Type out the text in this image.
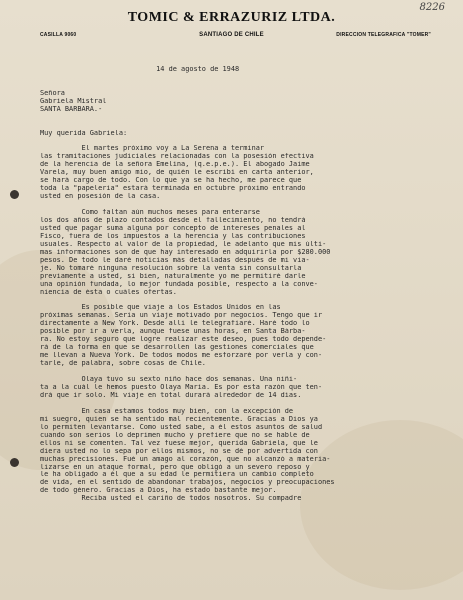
8226
TOMIC & ERRAZURIZ LTDA.
CASILLA 9060	SANTIAGO DE CHILE	DIRECCION TELEGRAFICA "TOMER"
14 de agosto de 1948
Señora
Gabriela Mistral
SANTA BARBARA.-
Muy querida Gabriela:
El martes próximo voy a La Serena a terminar
las tramitaciones judiciales relacionadas con la posesión efectiva
de la herencia de la señora Emelina, (q.e.p.e.). El abogado Jaime
Varela, muy buen amigo mio, de quién le escribí en carta anterior,
se hará cargo de todo. Con lo que ya se ha hecho, me parece que
toda la "papelería" estará terminada en octubre próximo entrando
usted en posesión de la casa.
Como faltan aún muchos meses para enterarse
los dos años de plazo contados desde el fallecimiento, no tendrá
usted que pagar suma alguna por concepto de intereses penales al
Fisco, fuera de los impuestos a la herencia y las contribuciones
usuales. Respecto al valor de la propiedad, le adelanto que mis últi-
mas informaciones son de que hay interesado en adquirirla por $280.000
pesos. De todo le daré noticias más detalladas después de mi via-
je. No tomaré ninguna resolución sobre la venta sin consultarla
previamente a usted, si bien, naturalmente yo me permitiré darle
una opinión fundada, lo mejor fundada posible, respecto a la conve-
niencia de ésta o cuáles ofertas.
Es posible que viaje a los Estados Unidos en las
próximas semanas. Sería un viaje motivado por negocios. Tengo que ir
directamente a New York. Desde allí le telegrafiaré. Haré todo lo
posible por ir a verla, aunque fuese unas horas, en Santa Bárba-
ra. No estoy seguro que logre realizar este deseo, pues todo depende-
rá de la forma en que se desarrollen las gestiones comerciales que
me llevan a Nueva York. De todos modos me esforzaré por verla y con-
tarle, de palabra, sobre cosas de Chile.
Olaya tuvo su sexto niño hace dos semanas. Una niñi-
ta a la cuál le hemos puesto Olaya María. Es por esta razón que ten-
drá que ir solo. Mi viaje en total durará alrededor de 14 días.
En casa estamos todos muy bien, con la excepción de
mi suegro, quien se ha sentido mal recientemente. Gracias a Dios ya
lo permiten levantarse. Como usted sabe, a él estos asuntos de salud
cuando son serios lo deprimen mucho y prefiere que no se hable de
ellos ni se comenten. Tal vez fuese mejor, querida Gabriela, que le
diera usted no lo sepa por ellos mismos, no se dé por advertida con
muchas precisiones. Fué un amago al corazón, que no alcanzó a materia-
lizarse en un ataque formal, pero que obligó a un severo reposo y
le ha obligado a él que a su edad le permitiera un cambio completo
de vida, en el sentido de abandonar trabajos, negocios y preocupaciones
de todo género. Gracias a Dios, ha estado bastante mejor.
Reciba usted el cariño de todos nosotros. Su compadre
